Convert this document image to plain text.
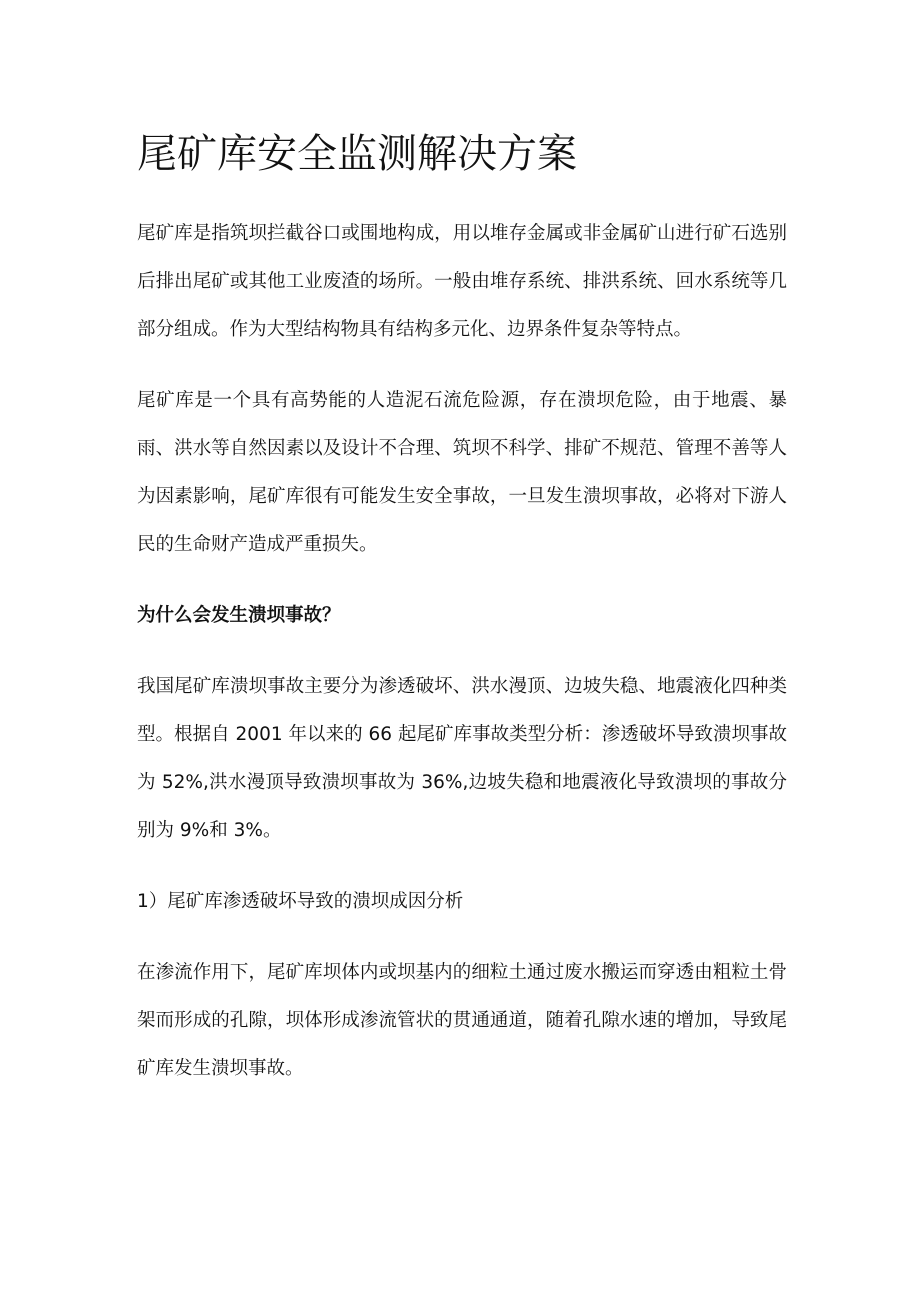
尾矿库安全监测解决方案

尾矿库是指筑坝拦截谷口或围地构成，用以堆存金属或非金属矿山进行矿石选别后排出尾矿或其他工业废渣的场所。一般由堆存系统、排洪系统、回水系统等几部分组成。作为大型结构物具有结构多元化、边界条件复杂等特点。

尾矿库是一个具有高势能的人造泥石流危险源，存在溃坝危险，由于地震、暴雨、洪水等自然因素以及设计不合理、筑坝不科学、排矿不规范、管理不善等人为因素影响，尾矿库很有可能发生安全事故，一旦发生溃坝事故，必将对下游人民的生命财产造成严重损失。

为什么会发生溃坝事故？

我国尾矿库溃坝事故主要分为渗透破坏、洪水漫顶、边坡失稳、地震液化四种类型。根据自 2001 年以来的 66 起尾矿库事故类型分析：渗透破坏导致溃坝事故为 52%,洪水漫顶导致溃坝事故为 36%,边坡失稳和地震液化导致溃坝的事故分别为 9%和 3%。

1）尾矿库渗透破坏导致的溃坝成因分析

在渗流作用下，尾矿库坝体内或坝基内的细粒土通过废水搬运而穿透由粗粒土骨架而形成的孔隙，坝体形成渗流管状的贯通通道，随着孔隙水速的增加，导致尾矿库发生溃坝事故。
